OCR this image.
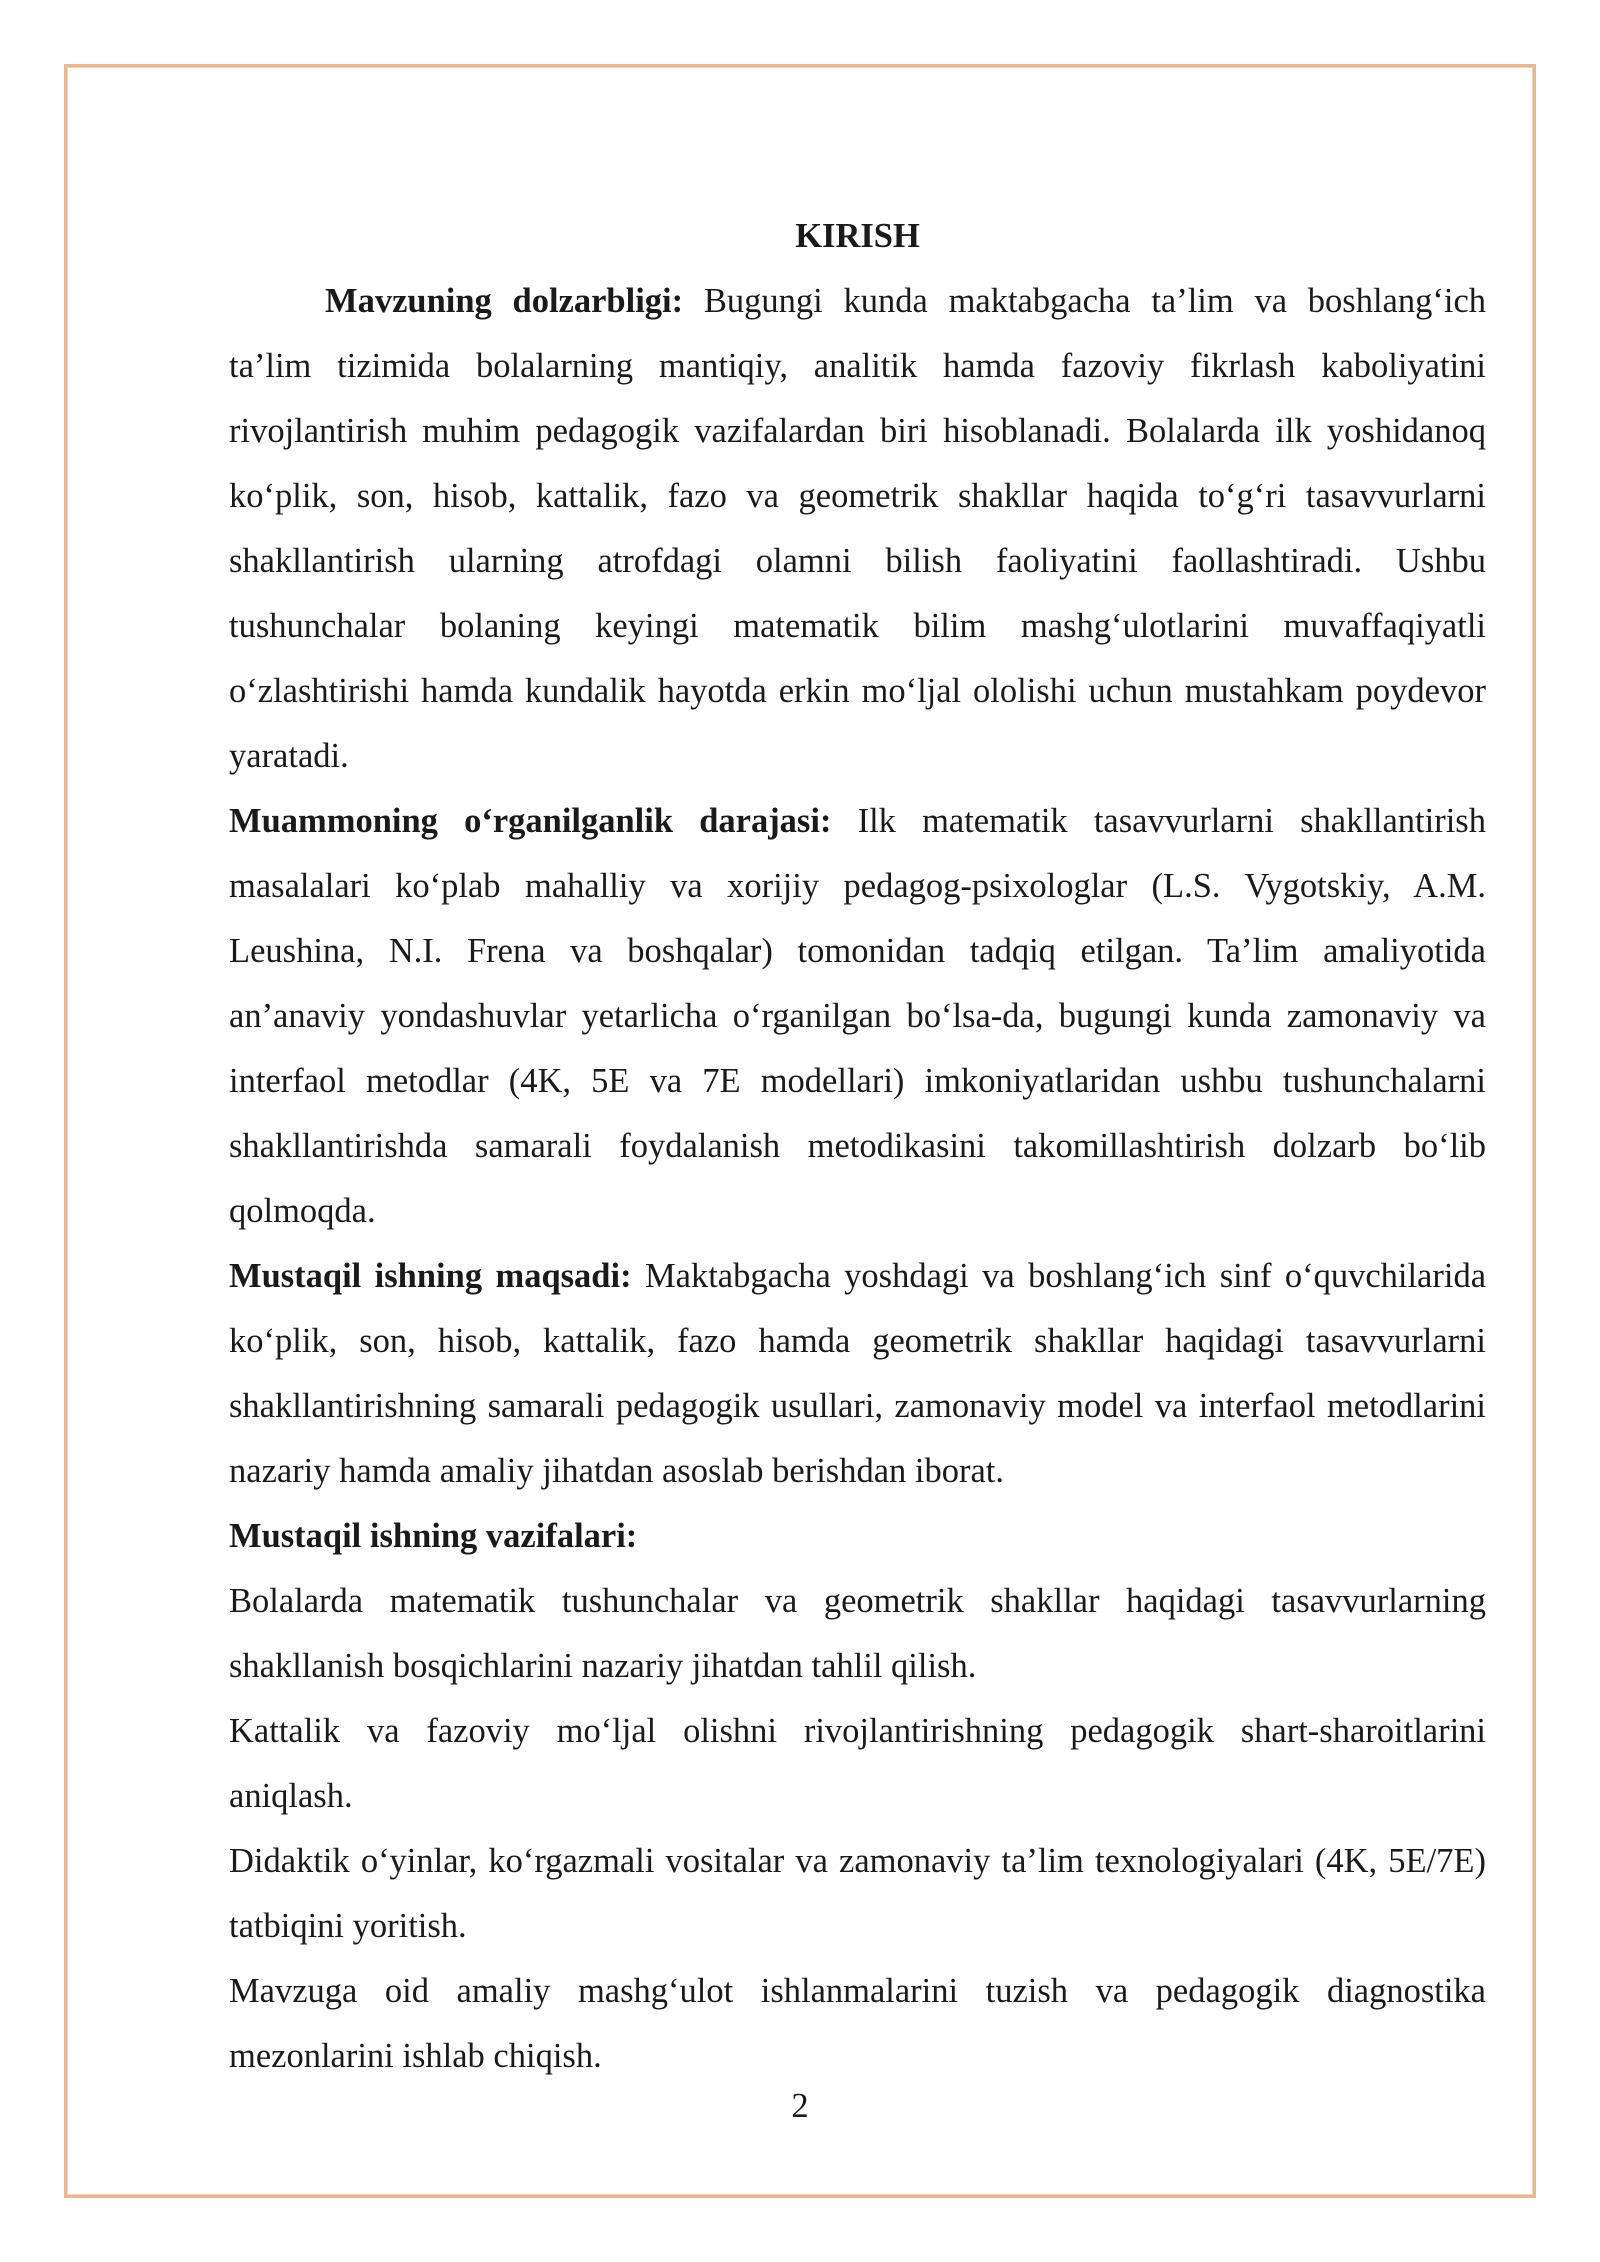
KIRISH

Mavzuning dolzarbligi: Bugungi kunda maktabgacha ta’lim va boshlang‘ich ta’lim tizimida bolalarning mantiqiy, analitik hamda fazoviy fikrlash kaboliyatini rivojlantirish muhim pedagogik vazifalardan biri hisoblanadi. Bolalarda ilk yoshidanoq ko‘plik, son, hisob, kattalik, fazo va geometrik shakllar haqida to‘g‘ri tasavvurlarni shakllantirish ularning atrofdagi olamni bilish faoliyatini faollashtiradi. Ushbu tushunchalar bolaning keyingi matematik bilim mashg‘ulotlarini muvaffaqiyatli o‘zlashtirishi hamda kundalik hayotda erkin mo‘ljal ololishi uchun mustahkam poydevor yaratadi.

Muammoning o‘rganilganlik darajasi: Ilk matematik tasavvurlarni shakllantirish masalalari ko‘plab mahalliy va xorijiy pedagog-psixologlar (L.S. Vygotskiy, A.M. Leushina, N.I. Frena va boshqalar) tomonidan tadqiq etilgan. Ta’lim amaliyotida an’anaviy yondashuvlar yetarlicha o‘rganilgan bo‘lsa-da, bugungi kunda zamonaviy va interfaol metodlar (4K, 5E va 7E modellari) imkoniyatlaridan ushbu tushunchalarni shakllantirishda samarali foydalanish metodikasini takomillashtirish dolzarb bo‘lib qolmoqda.

Mustaqil ishning maqsadi: Maktabgacha yoshdagi va boshlang‘ich sinf o‘quvchilarida ko‘plik, son, hisob, kattalik, fazo hamda geometrik shakllar haqidagi tasavvurlarni shakllantirishning samarali pedagogik usullari, zamonaviy model va interfaol metodlarini nazariy hamda amaliy jihatdan asoslab berishdan iborat.

Mustaqil ishning vazifalari:

Bolalarda matematik tushunchalar va geometrik shakllar haqidagi tasavvurlarning shakllanish bosqichlarini nazariy jihatdan tahlil qilish.

Kattalik va fazoviy mo‘ljal olishni rivojlantirishning pedagogik shart-sharoitlarini aniqlash.

Didaktik o‘yinlar, ko‘rgazmali vositalar va zamonaviy ta’lim texnologiyalari (4K, 5E/7E) tatbiqini yoritish.

Mavzuga oid amaliy mashg‘ulot ishlanmalarini tuzish va pedagogik diagnostika mezonlarini ishlab chiqish.

2
